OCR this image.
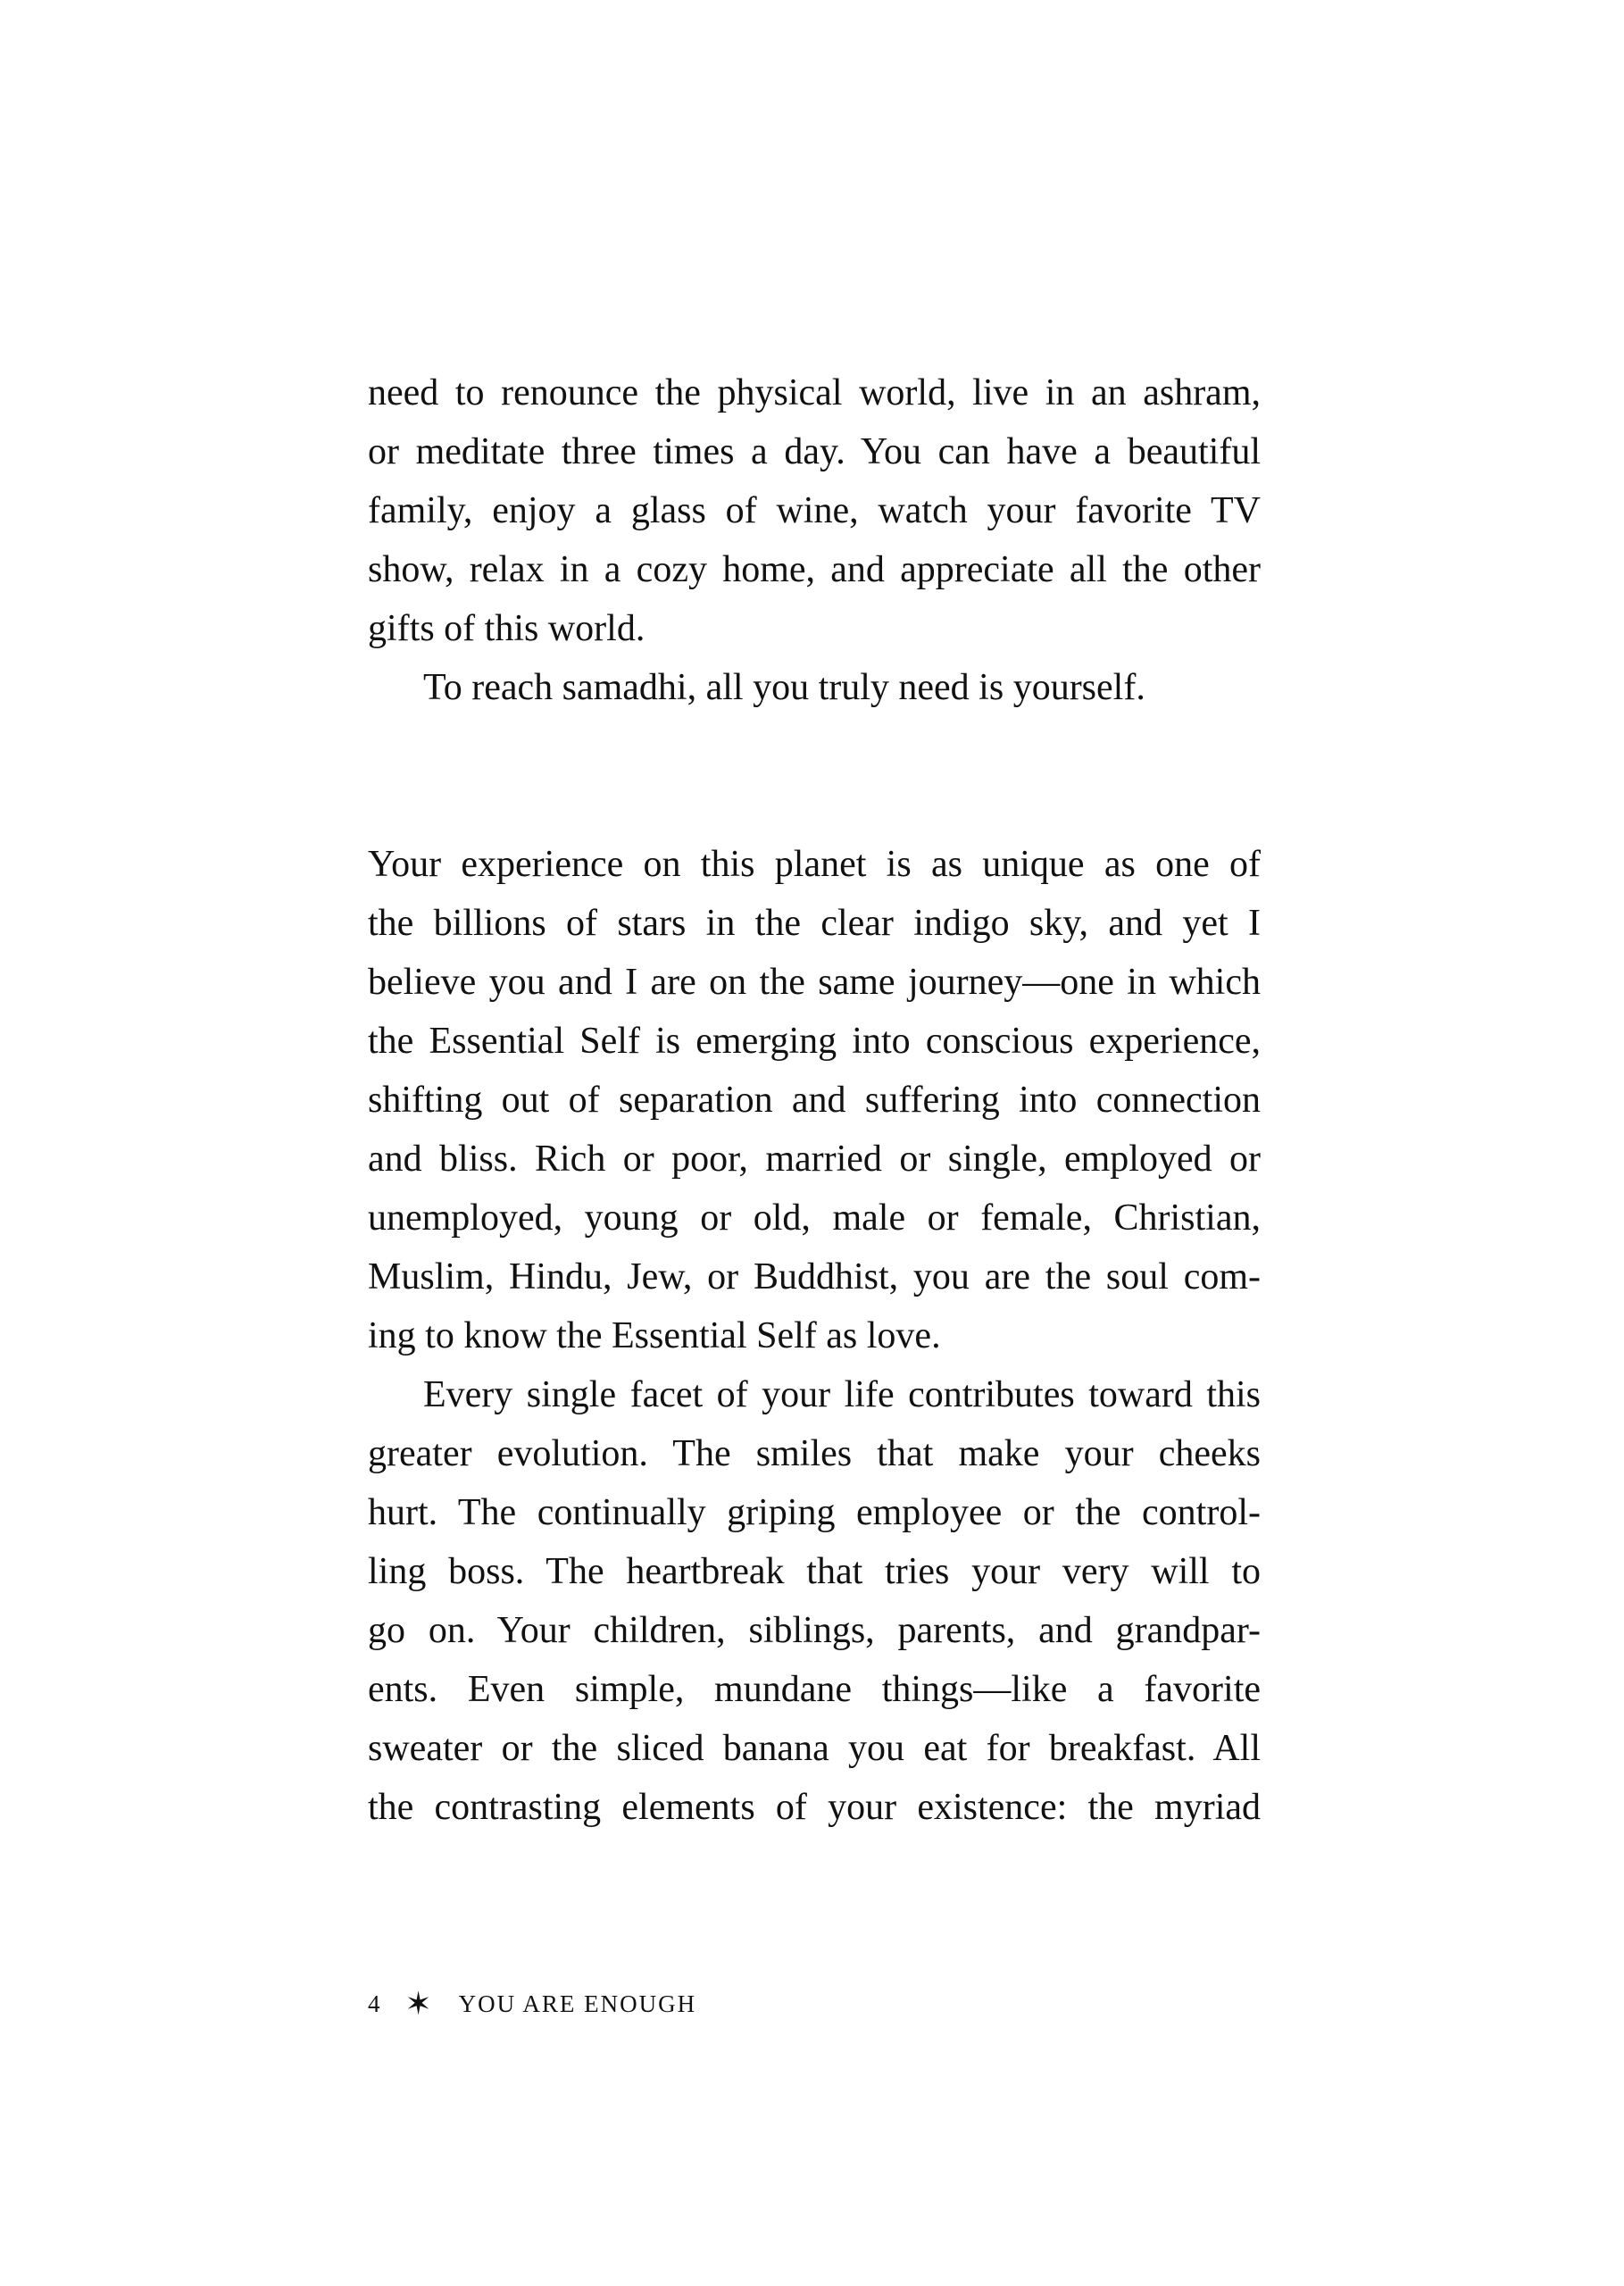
need to renounce the physical world, live in an ashram,
or meditate three times a day. You can have a beautiful
family, enjoy a glass of wine, watch your favorite TV
show, relax in a cozy home, and appreciate all the other
gifts of this world.
To reach samadhi, all you truly need is yourself.
Your experience on this planet is as unique as one of
the billions of stars in the clear indigo sky, and yet I
believe you and I are on the same journey—one in which
the Essential Self is emerging into conscious experience,
shifting out of separation and suffering into connection
and bliss. Rich or poor, married or single, employed or
unemployed, young or old, male or female, Christian,
Muslim, Hindu, Jew, or Buddhist, you are the soul com-
ing to know the Essential Self as love.
Every single facet of your life contributes toward this
greater evolution. The smiles that make your cheeks
hurt. The continually griping employee or the control-
ling boss. The heartbreak that tries your very will to
go on. Your children, siblings, parents, and grandpar-
ents. Even simple, mundane things—like a favorite
sweater or the sliced banana you eat for breakfast. All
the contrasting elements of your existence: the myriad
4 ✶ YOU ARE ENOUGH
